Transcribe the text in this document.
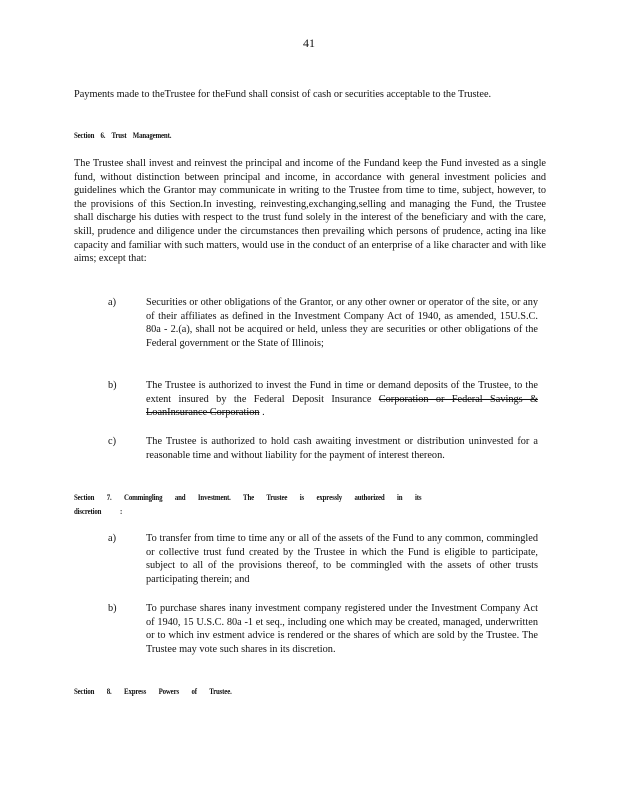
41
Payments made to theTrustee for theFund shall consist of cash or securities acceptable to the Trustee.
Section 6. Trust Management.
The Trustee shall invest and reinvest the principal and income of the Fundand keep the Fund invested as a single fund, without distinction between principal and income, in accordance with general investment policies and guidelines which the Grantor may communicate in writing to the Trustee from time to time, subject, however, to the provisions of this Section.In investing, reinvesting,exchanging,selling and managing the Fund, the Trustee shall discharge his duties with respect to the trust fund solely in the interest of the beneficiary and with the care, skill, prudence and diligence under the circumstances then prevailing which persons of prudence, acting ina like capacity and familiar with such matters, would use in the conduct of an enterprise of a like character and with like aims; except that:
a)	Securities or other obligations of the Grantor, or any other owner or operator of the site, or any of their affiliates as defined in the Investment Company Act of 1940, as amended, 15U.S.C. 80a - 2.(a), shall not be acquired or held, unless they are securities or other obligations of the Federal government or the State of Illinois;
b)	The Trustee is authorized to invest the Fund in time or demand deposits of the Trustee, to the extent insured by the Federal Deposit Insurance Corporation or Federal Savings & LoanInsurance Corporation .
c)	The Trustee is authorized to hold cash awaiting investment or distribution uninvested for a reasonable time and without liability for the payment of interest thereon.
Section 7. Commingling and Investment. The Trustee is expressly authorized in its
discretion :
a)	To transfer from time to time any or all of the assets of the Fund to any common, commingled or collective trust fund created by the Trustee in which the Fund is eligible to participate, subject to all of the provisions thereof, to be commingled with the assets of other trusts participating therein; and
b)	To purchase shares inany investment company registered under the Investment Company Act of 1940, 15 U.S.C. 80a -1 et seq., including one which may be created, managed, underwritten or to which inv estment advice is rendered or the shares of which are sold by the Trustee. The Trustee may vote such shares in its discretion.
Section 8. Express Powers of Trustee.
